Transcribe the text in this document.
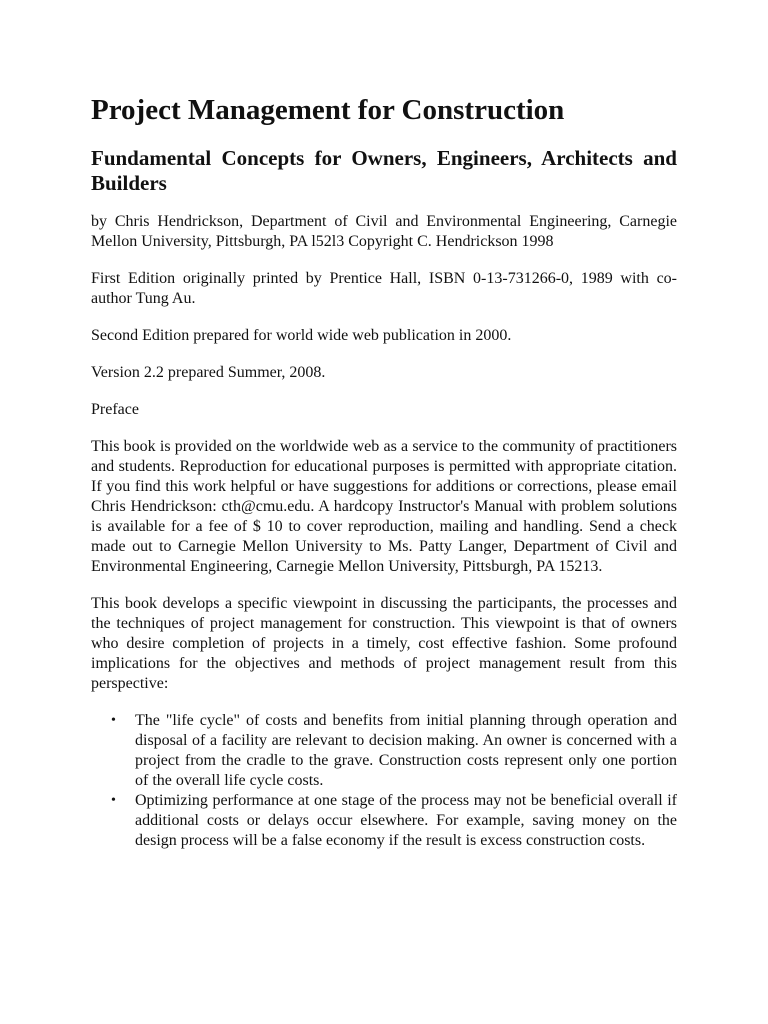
Project Management for Construction
Fundamental Concepts for Owners, Engineers, Architects and Builders

by Chris Hendrickson, Department of Civil and Environmental Engineering, Carnegie Mellon University, Pittsburgh, PA l52l3 Copyright C. Hendrickson 1998

First Edition originally printed by Prentice Hall, ISBN 0-13-731266-0, 1989 with co-author Tung Au.

Second Edition prepared for world wide web publication in 2000.

Version 2.2 prepared Summer, 2008.

Preface

This book is provided on the worldwide web as a service to the community of practitioners and students. Reproduction for educational purposes is permitted with appropriate citation. If you find this work helpful or have suggestions for additions or corrections, please email Chris Hendrickson: cth@cmu.edu. A hardcopy Instructor's Manual with problem solutions is available for a fee of $ 10 to cover reproduction, mailing and handling. Send a check made out to Carnegie Mellon University to Ms. Patty Langer, Department of Civil and Environmental Engineering, Carnegie Mellon University, Pittsburgh, PA 15213.

This book develops a specific viewpoint in discussing the participants, the processes and the techniques of project management for construction. This viewpoint is that of owners who desire completion of projects in a timely, cost effective fashion. Some profound implications for the objectives and methods of project management result from this perspective:

• The "life cycle" of costs and benefits from initial planning through operation and disposal of a facility are relevant to decision making. An owner is concerned with a project from the cradle to the grave. Construction costs represent only one portion of the overall life cycle costs.
• Optimizing performance at one stage of the process may not be beneficial overall if additional costs or delays occur elsewhere. For example, saving money on the design process will be a false economy if the result is excess construction costs.
